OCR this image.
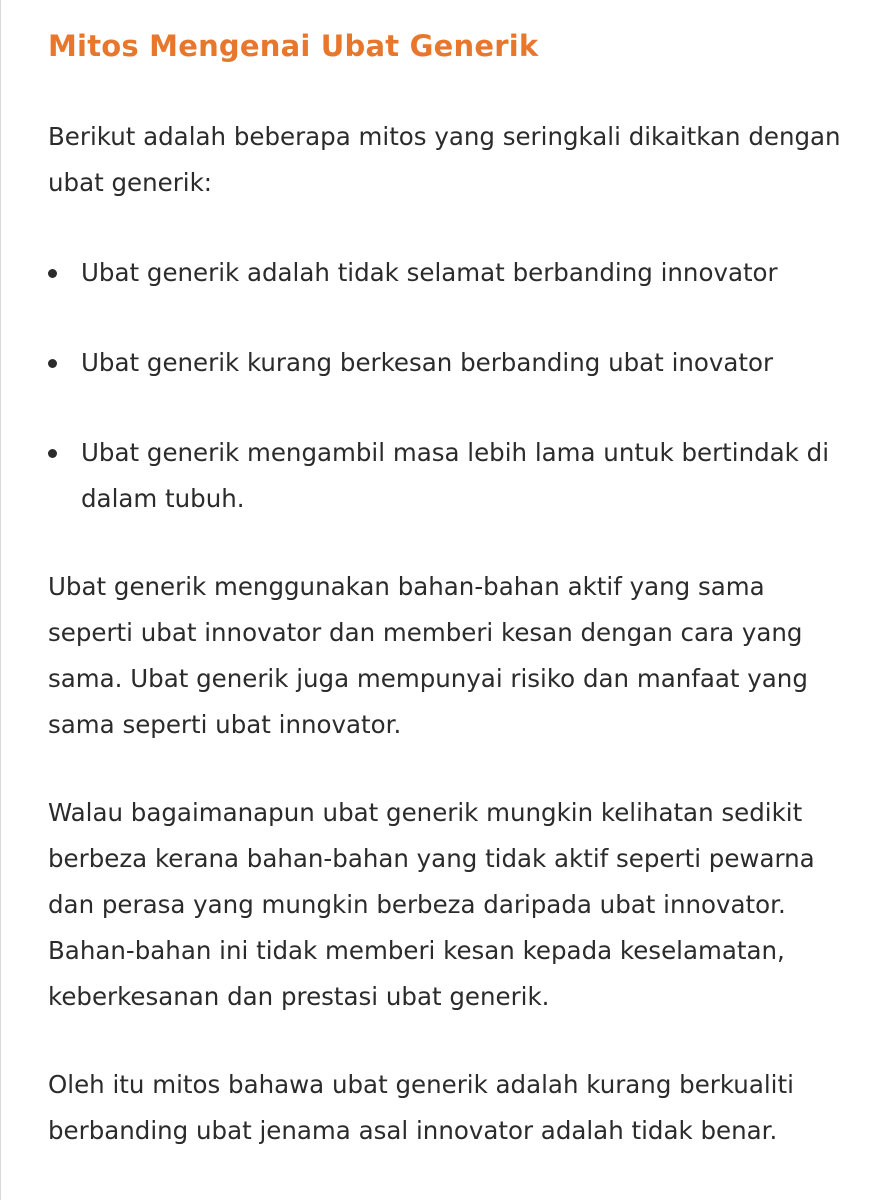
Mitos Mengenai Ubat Generik

Berikut adalah beberapa mitos yang seringkali dikaitkan dengan ubat generik:

Ubat generik adalah tidak selamat berbanding innovator
Ubat generik kurang berkesan berbanding ubat inovator
Ubat generik mengambil masa lebih lama untuk bertindak di dalam tubuh.

Ubat generik menggunakan bahan-bahan aktif yang sama seperti ubat innovator dan memberi kesan dengan cara yang sama. Ubat generik juga mempunyai risiko dan manfaat yang sama seperti ubat innovator.

Walau bagaimanapun ubat generik mungkin kelihatan sedikit berbeza kerana bahan-bahan yang tidak aktif seperti pewarna dan perasa yang mungkin berbeza daripada ubat innovator. Bahan-bahan ini tidak memberi kesan kepada keselamatan, keberkesanan dan prestasi ubat generik.

Oleh itu mitos bahawa ubat generik adalah kurang berkualiti berbanding ubat jenama asal innovator adalah tidak benar.
